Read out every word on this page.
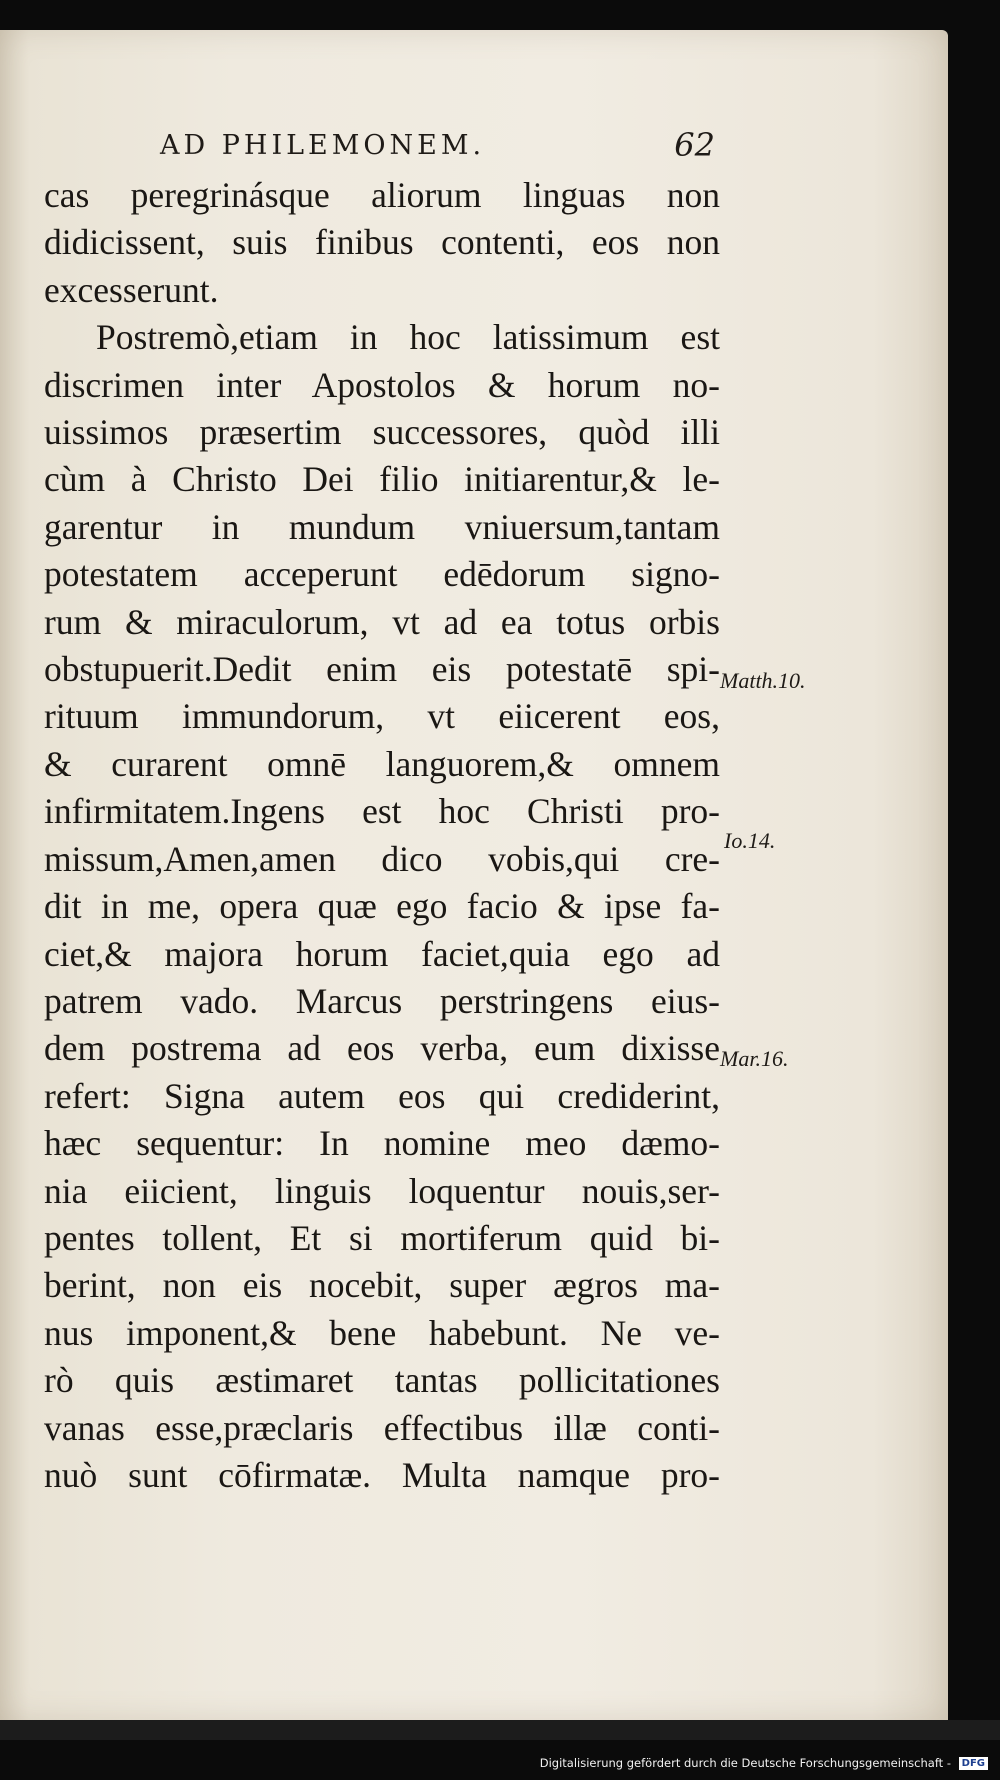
AD PHILEMONEM.	62
cas peregrinásque aliorum linguas non
didicissent, suis finibus contenti, eos non
excesserunt.
Postremò,etiam in hoc latissimum est
discrimen inter Apostolos & horum no-
uissimos præsertim successores, quòd illi
cùm à Christo Dei filio initiarentur,& le-
garentur in mundum vniuersum,tantam
potestatem acceperunt edēdorum signo-
rum & miraculorum, vt ad ea totus orbis
obstupuerit.Dedit enim eis potestatē spi-
rituum immundorum, vt eiicerent eos,
& curarent omnē languorem,& omnem
infirmitatem.Ingens est hoc Christi pro-
missum,Amen,amen dico vobis,qui cre-
dit in me, opera quæ ego facio & ipse fa-
ciet,& majora horum faciet,quia ego ad
patrem vado. Marcus perstringens eius-
dem postrema ad eos verba, eum dixisse
refert: Signa autem eos qui crediderint,
hæc sequentur: In nomine meo dæmo-
nia eiicient, linguis loquentur nouis,ser-
pentes tollent, Et si mortiferum quid bi-
berint, non eis nocebit, super ægros ma-
nus imponent,& bene habebunt. Ne ve-
rò quis æstimaret tantas pollicitationes
vanas esse,præclaris effectibus illæ conti-
nuò sunt cōfirmatæ. Multa namque pro-
Matth.10.
Io.14.
Mar.16.
Digitalisierung gefördert durch die Deutsche Forschungsgemeinschaft - DFG
